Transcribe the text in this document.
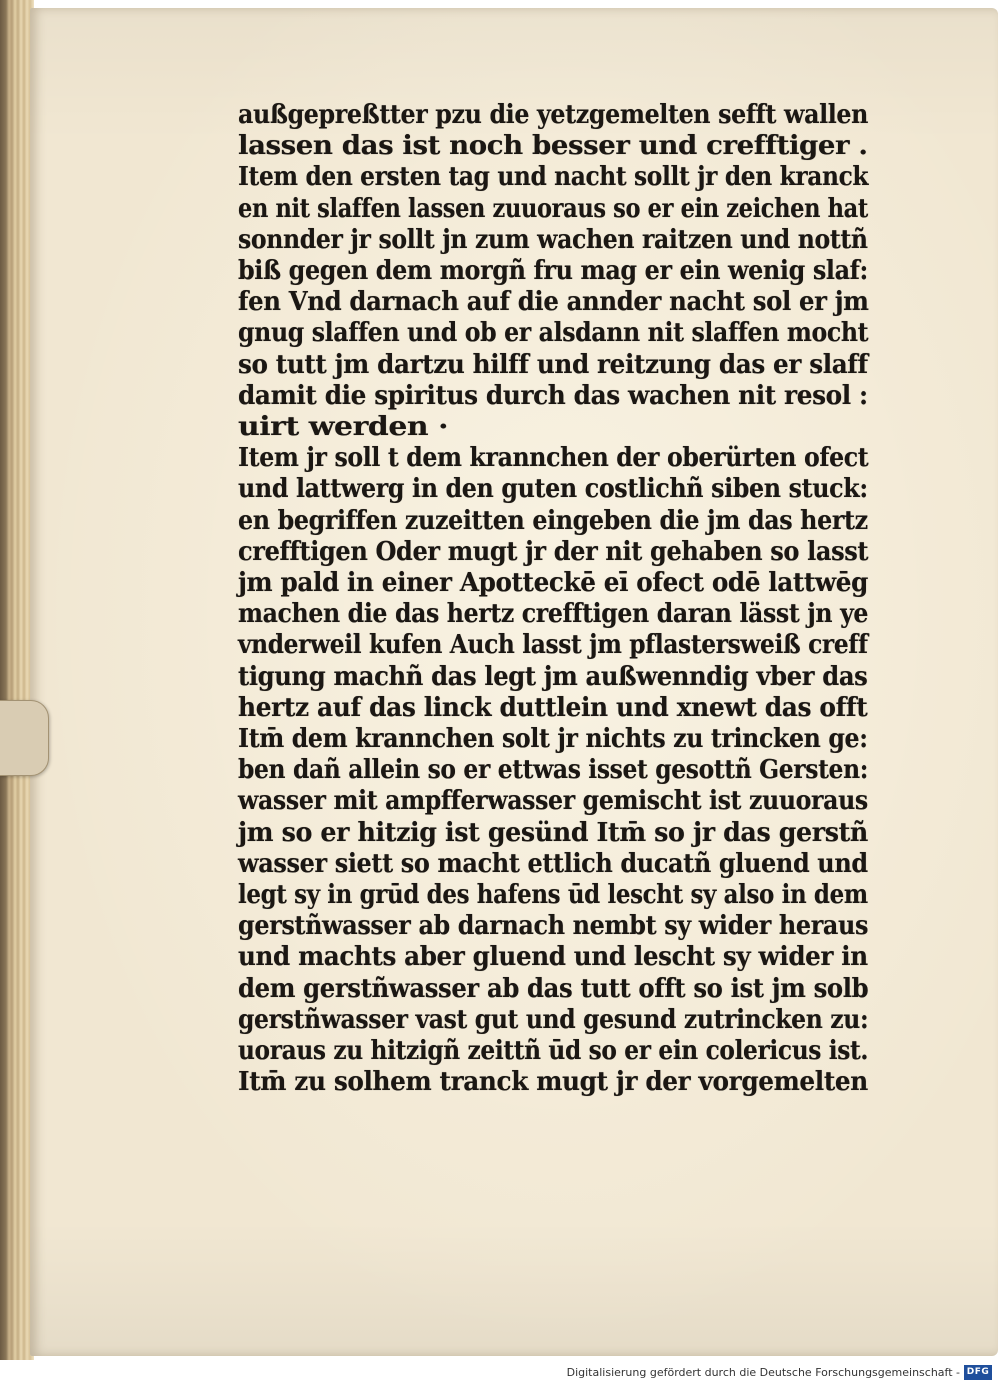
außgepreßtter pzu die yetzgemelten sefft wallen
lassen das ist noch besser und crefftiger .
Item den ersten tag und nacht sollt jr den kranck
en nit slaffen lassen zuuoraus so er ein zeichen hat
sonnder jr sollt jn zum wachen raitzen und nottñ
biß gegen dem morgñ fru mag er ein wenig slaf:
fen Vnd darnach auf die annder nacht sol er jm
gnug slaffen und ob er alsdann nit slaffen mocht
so tutt jm dartzu hilff und reitzung das er slaff
damit die spiritus durch das wachen nit resol :
uirt werden ·
Item jr soll t dem krannchen der oberürten ofect
und lattwerg in den guten costlichñ siben stuck:
en begriffen zuzeitten eingeben die jm das hertz
crefftigen Oder mugt jr der nit gehaben so lasst
jm pald in einer Apotteckē eī ofect odē lattwēg
machen die das hertz crefftigen daran lässt jn ye
vnderweil kufen Auch lasst jm pflastersweiß creff
tigung machñ das legt jm außwenndig vber das
hertz auf das linck duttlein und xnewt das offt
Itm̄ dem krannchen solt jr nichts zu trincken ge:
ben dañ allein so er ettwas isset gesottñ Gersten:
wasser mit ampfferwasser gemischt ist zuuoraus
jm so er hitzig ist gesünd Itm̄ so jr das gerstñ
wasser siett so macht ettlich ducatñ gluend und
legt sy in grūd des hafens ūd lescht sy also in dem
gerstñwasser ab darnach nembt sy wider heraus
und machts aber gluend und lescht sy wider in
dem gerstñwasser ab das tutt offt so ist jm solb
gerstñwasser vast gut und gesund zutrincken zu:
uoraus zu hitzigñ zeittñ ūd so er ein colericus ist.
Itm̄ zu solhem tranck mugt jr der vorgemelten
Digitalisierung gefördert durch die Deutsche Forschungsgemeinschaft - DFG
